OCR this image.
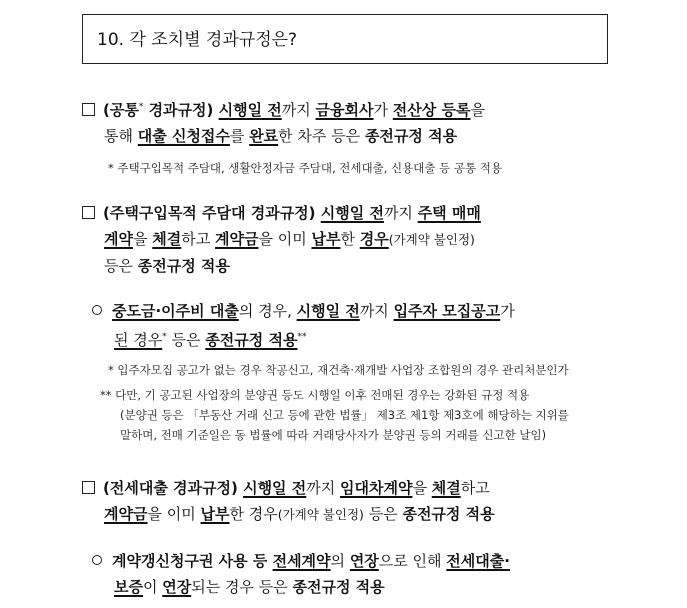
10. 각 조치별 경과규정은?
(공통* 경과규정) 시행일 전까지 금융회사가 전산상 등록을
통해 대출 신청접수를 완료한 차주 등은 종전규정 적용
* 주택구입목적 주담대, 생활안정자금 주담대, 전세대출, 신용대출 등 공통 적용
(주택구입목적 주담대 경과규정) 시행일 전까지 주택 매매
계약을 체결하고 계약금을 이미 납부한 경우(가계약 불인정)
등은 종전규정 적용
중도금·이주비 대출의 경우, 시행일 전까지 입주자 모집공고가
된 경우* 등은 종전규정 적용**
* 입주자모집 공고가 없는 경우 착공신고, 재건축·재개발 사업장 조합원의 경우 관리처분인가
** 다만, 기 공고된 사업장의 분양권 등도 시행일 이후 전매된 경우는 강화된 규정 적용
(분양권 등은 「부동산 거래 신고 등에 관한 법률」 제3조 제1항 제3호에 해당하는 지위를
말하며, 전매 기준일은 동 법률에 따라 거래당사자가 분양권 등의 거래를 신고한 날임)
(전세대출 경과규정) 시행일 전까지 임대차계약을 체결하고
계약금을 이미 납부한 경우(가계약 불인정) 등은 종전규정 적용
계약갱신청구권 사용 등 전세계약의 연장으로 인해 전세대출·
보증이 연장되는 경우 등은 종전규정 적용
